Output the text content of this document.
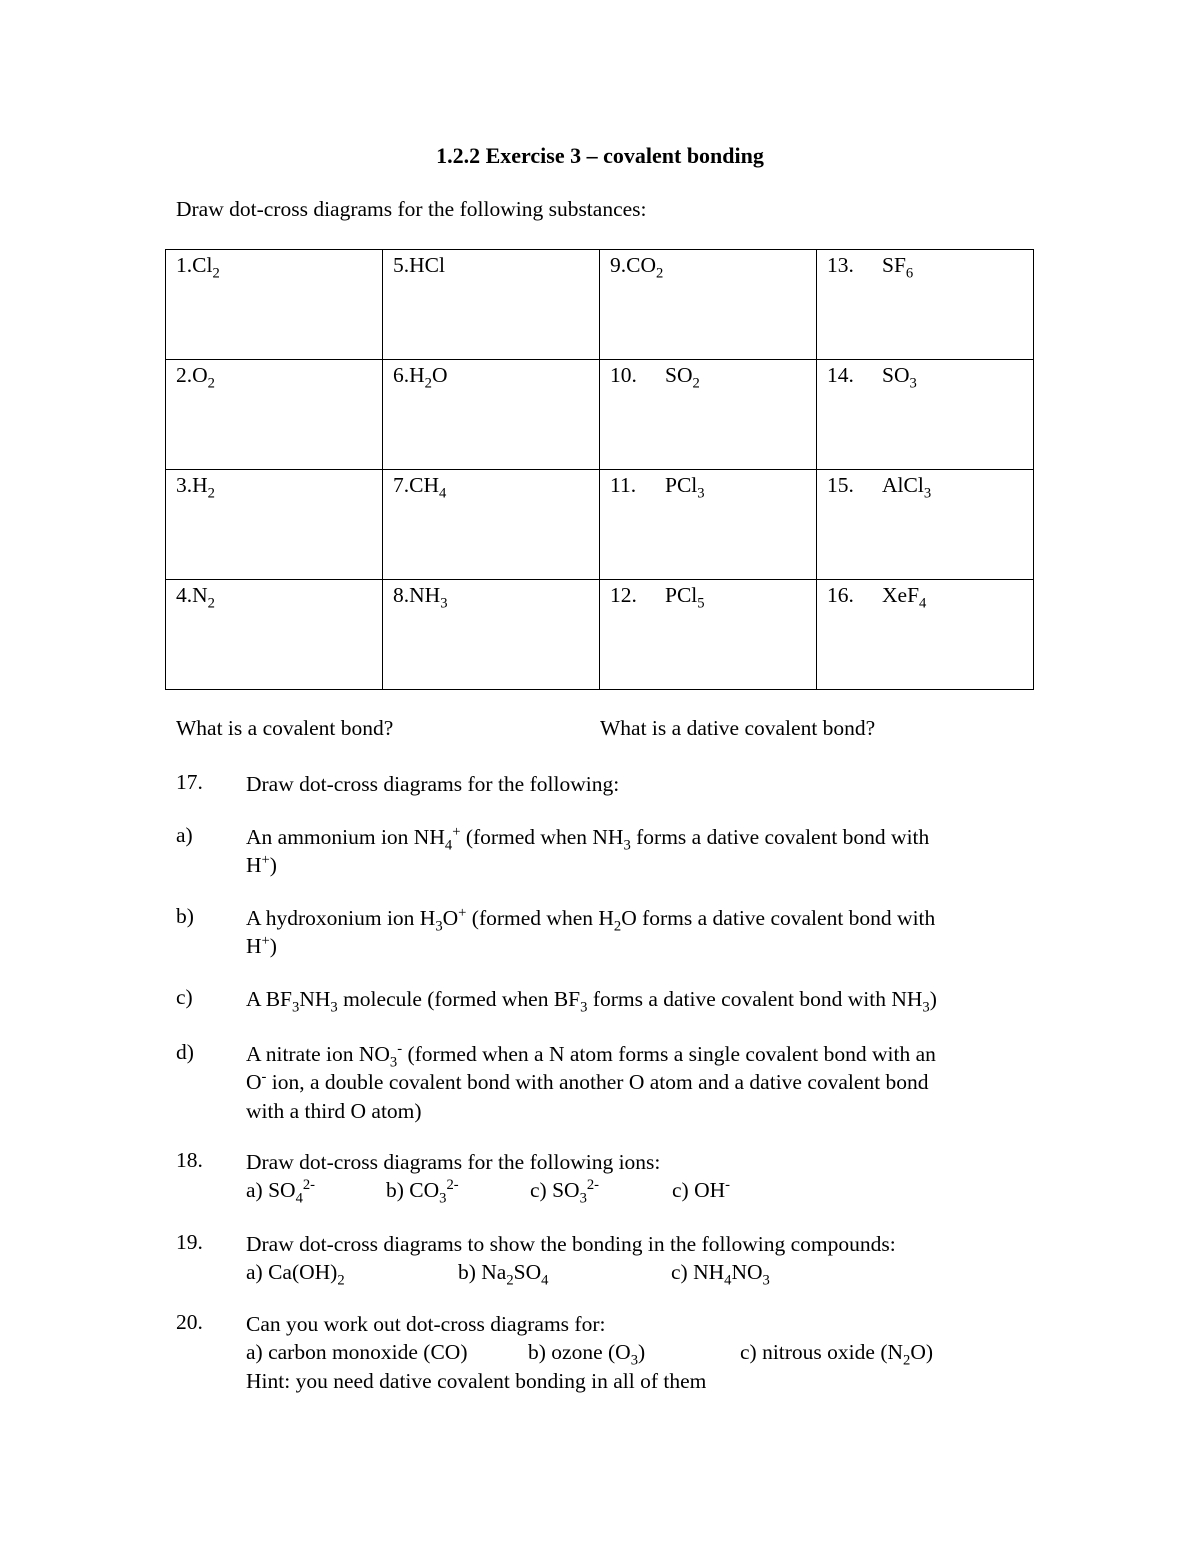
1.2.2 Exercise 3 – covalent bonding
Draw dot-cross diagrams for the following substances:
$1.Cl_2$	5.HCl	$9.CO_2$	13. $SF_6$
$2.O_2$	$6.H_2O$	10. $SO_2$	14. $SO_3$
$3.H_2$	$7.CH_4$	11. PCl$_3$	15. AlCl$_3$
$4.N_2$	$8.NH_3$	12. PCl$_5$	16. XeF$_4$
What is a covalent bond?	What is a dative covalent bond?
17. Draw dot-cross diagrams for the following:
a) An ammonium ion $NH_4^+$ (formed when $NH_3$ forms a dative covalent bond with
H+)
b) A hydroxonium ion $H_3O^+$ (formed when $H_2O$ forms a dative covalent bond with
H+)
c) A $BF_3NH_3$ molecule (formed when $BF_3$ forms a dative covalent bond with $NH_3$)
d) A nitrate ion $NO_3^-$ (formed when a N atom forms a single covalent bond with an
O- ion, a double covalent bond with another O atom and a dative covalent bond
with a third O atom)
18. Draw dot-cross diagrams for the following ions:
a) $SO_4^{2-}$	b) $CO_3^{2-}$	c) $SO_3^{2-}$	c) OH-
19. Draw dot-cross diagrams to show the bonding in the following compounds:
a) $Ca(OH)_2$	b) $Na_2SO_4$	c) $NH_4NO_3$
20. Can you work out dot-cross diagrams for:
a) carbon monoxide (CO)	b) ozone $(O_3)$	c) nitrous oxide $(N_2O)$
Hint: you need dative covalent bonding in all of them
